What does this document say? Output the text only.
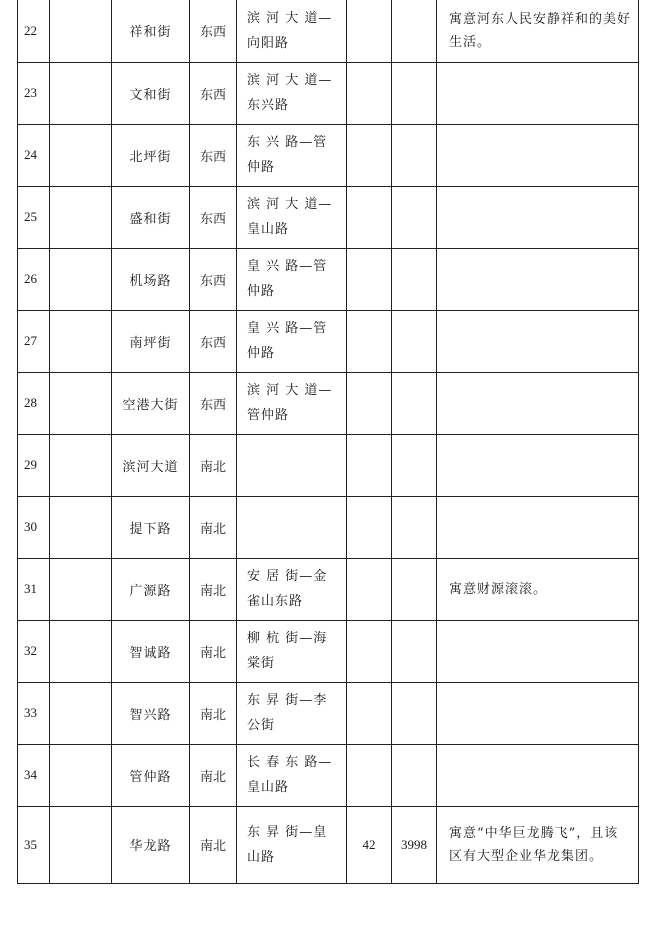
22		祥和街	东西	滨 河 大 道—向阳路			寓意河东人民安静祥和的美好生活。
23		文和街	东西	滨 河 大 道—东兴路			
24		北坪街	东西	东 兴 路—管仲路			
25		盛和街	东西	滨 河 大 道—皇山路			
26		机场路	东西	皇 兴 路—管仲路			
27		南坪街	东西	皇 兴 路—管仲路			
28		空港大街	东西	滨 河 大 道—管仲路			
29		滨河大道	南北				
30		提下路	南北				
31		广源路	南北	安 居 街—金雀山东路			寓意财源滚滚。
32		智诚路	南北	柳 杭 街—海棠街			
33		智兴路	南北	东 昇 街—李公街			
34		管仲路	南北	长 春 东 路—皇山路			
35		华龙路	南北	东 昇 街—皇山路	42	3998	寓意“中华巨龙腾飞”，且该区有大型企业华龙集团。
